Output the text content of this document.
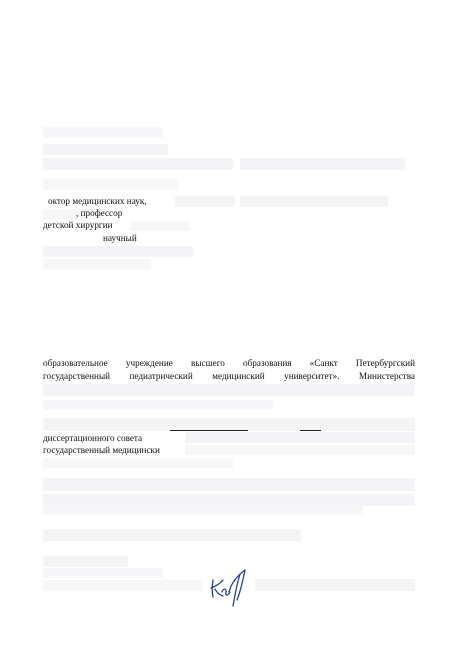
октор медицинских наук,
, профессор
детской хирургии
научный
образовательное учреждение высшего образования «Санкт Петербургский
государственный педиатрический медицинский университет». Министерства
диссертационного совета
государственный медицински
